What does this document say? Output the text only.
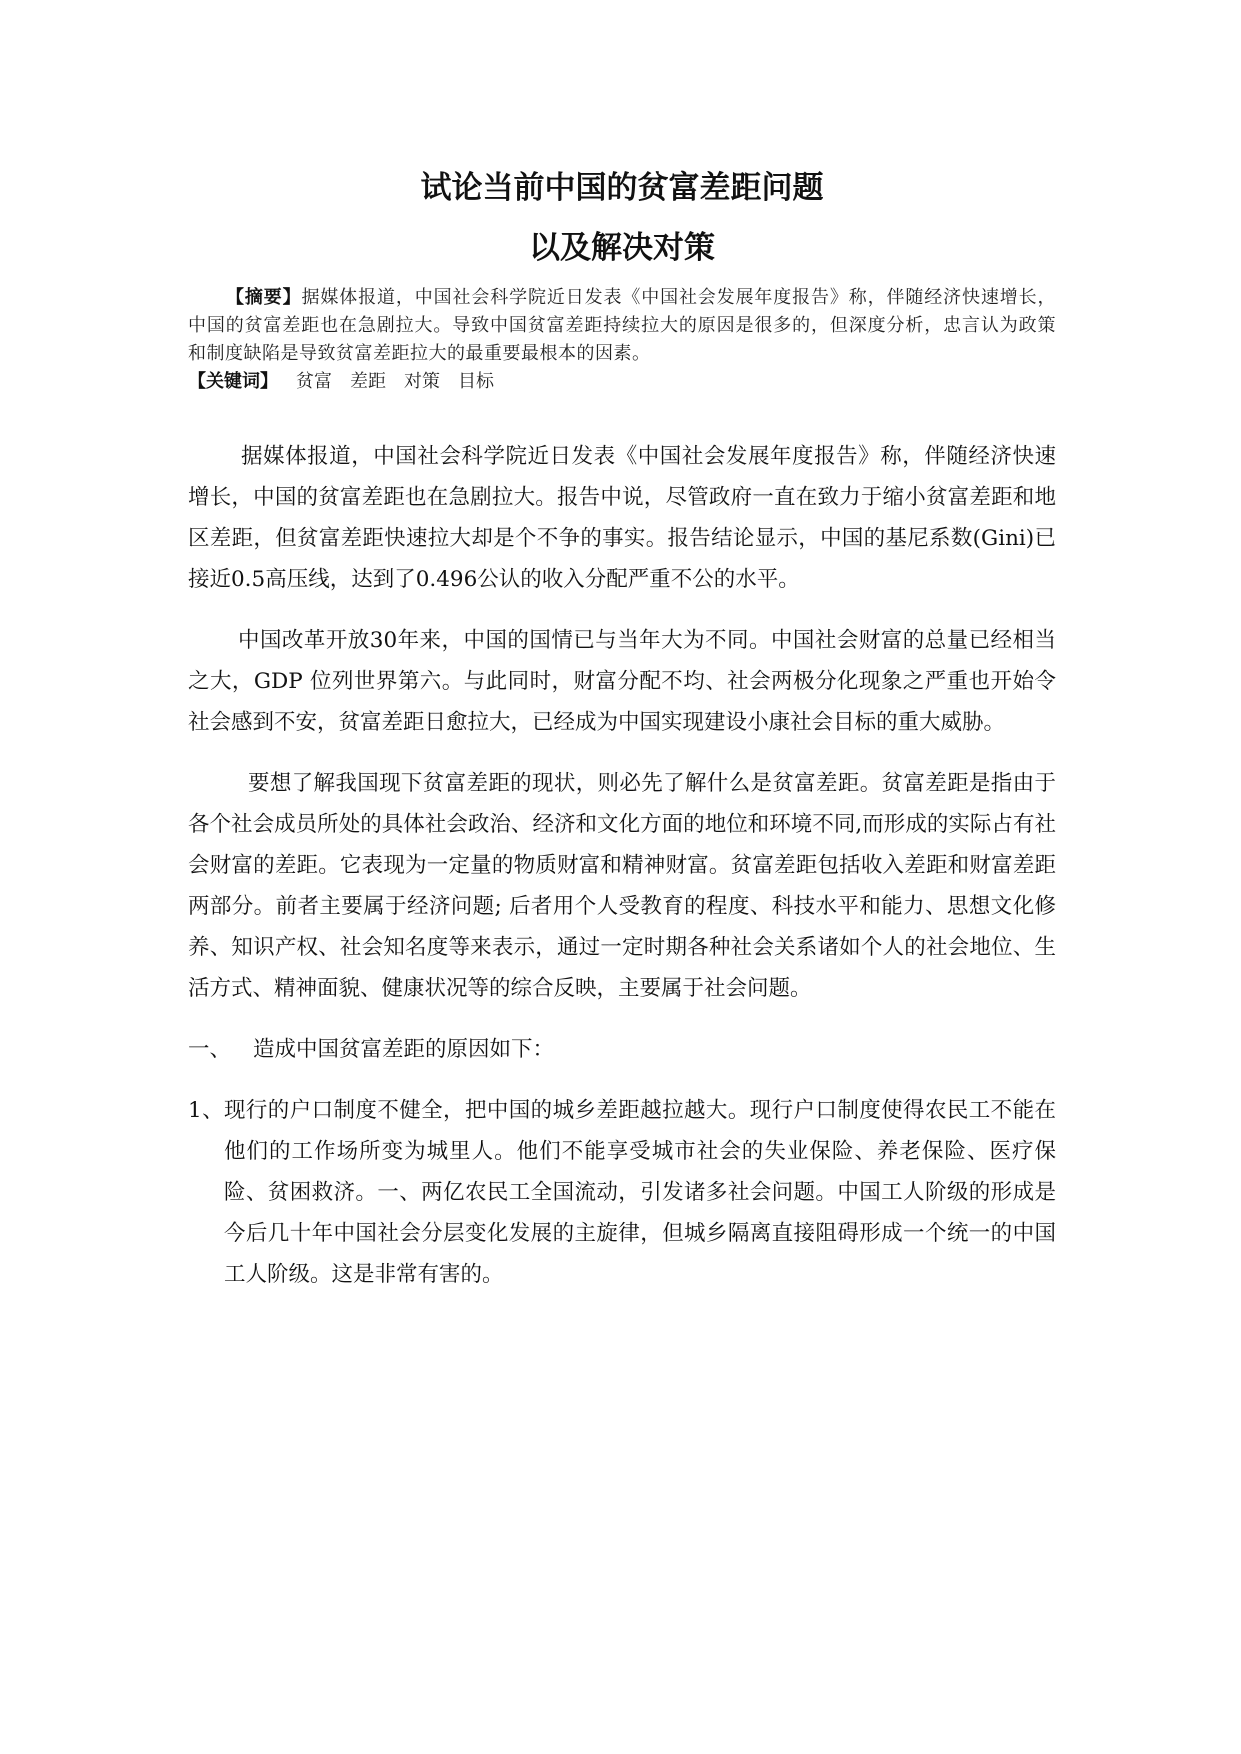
试论当前中国的贫富差距问题
以及解决对策
【摘要】据媒体报道，中国社会科学院近日发表《中国社会发展年度报告》称，伴随经济快速增长，中国的贫富差距也在急剧拉大。导致中国贫富差距持续拉大的原因是很多的，但深度分析，忠言认为政策和制度缺陷是导致贫富差距拉大的最重要最根本的因素。
【关键词】 贫富 差距 对策 目标

据媒体报道，中国社会科学院近日发表《中国社会发展年度报告》称，伴随经济快速增长，中国的贫富差距也在急剧拉大。报告中说，尽管政府一直在致力于缩小贫富差距和地区差距，但贫富差距快速拉大却是个不争的事实。报告结论显示，中国的基尼系数(Gini)已接近0.5高压线，达到了0.496公认的收入分配严重不公的水平。

中国改革开放30年来，中国的国情已与当年大为不同。中国社会财富的总量已经相当之大，GDP 位列世界第六。与此同时，财富分配不均、社会两极分化现象之严重也开始令社会感到不安，贫富差距日愈拉大，已经成为中国实现建设小康社会目标的重大威胁。

要想了解我国现下贫富差距的现状，则必先了解什么是贫富差距。贫富差距是指由于各个社会成员所处的具体社会政治、经济和文化方面的地位和环境不同,而形成的实际占有社会财富的差距。它表现为一定量的物质财富和精神财富。贫富差距包括收入差距和财富差距两部分。前者主要属于经济问题; 后者用个人受教育的程度、科技水平和能力、思想文化修养、知识产权、社会知名度等来表示，通过一定时期各种社会关系诸如个人的社会地位、生活方式、精神面貌、健康状况等的综合反映，主要属于社会问题。

一、 造成中国贫富差距的原因如下：
1、现行的户口制度不健全，把中国的城乡差距越拉越大。现行户口制度使得农民工不能在他们的工作场所变为城里人。他们不能享受城市社会的失业保险、养老保险、医疗保险、贫困救济。一、两亿农民工全国流动，引发诸多社会问题。中国工人阶级的形成是今后几十年中国社会分层变化发展的主旋律，但城乡隔离直接阻碍形成一个统一的中国工人阶级。这是非常有害的。
